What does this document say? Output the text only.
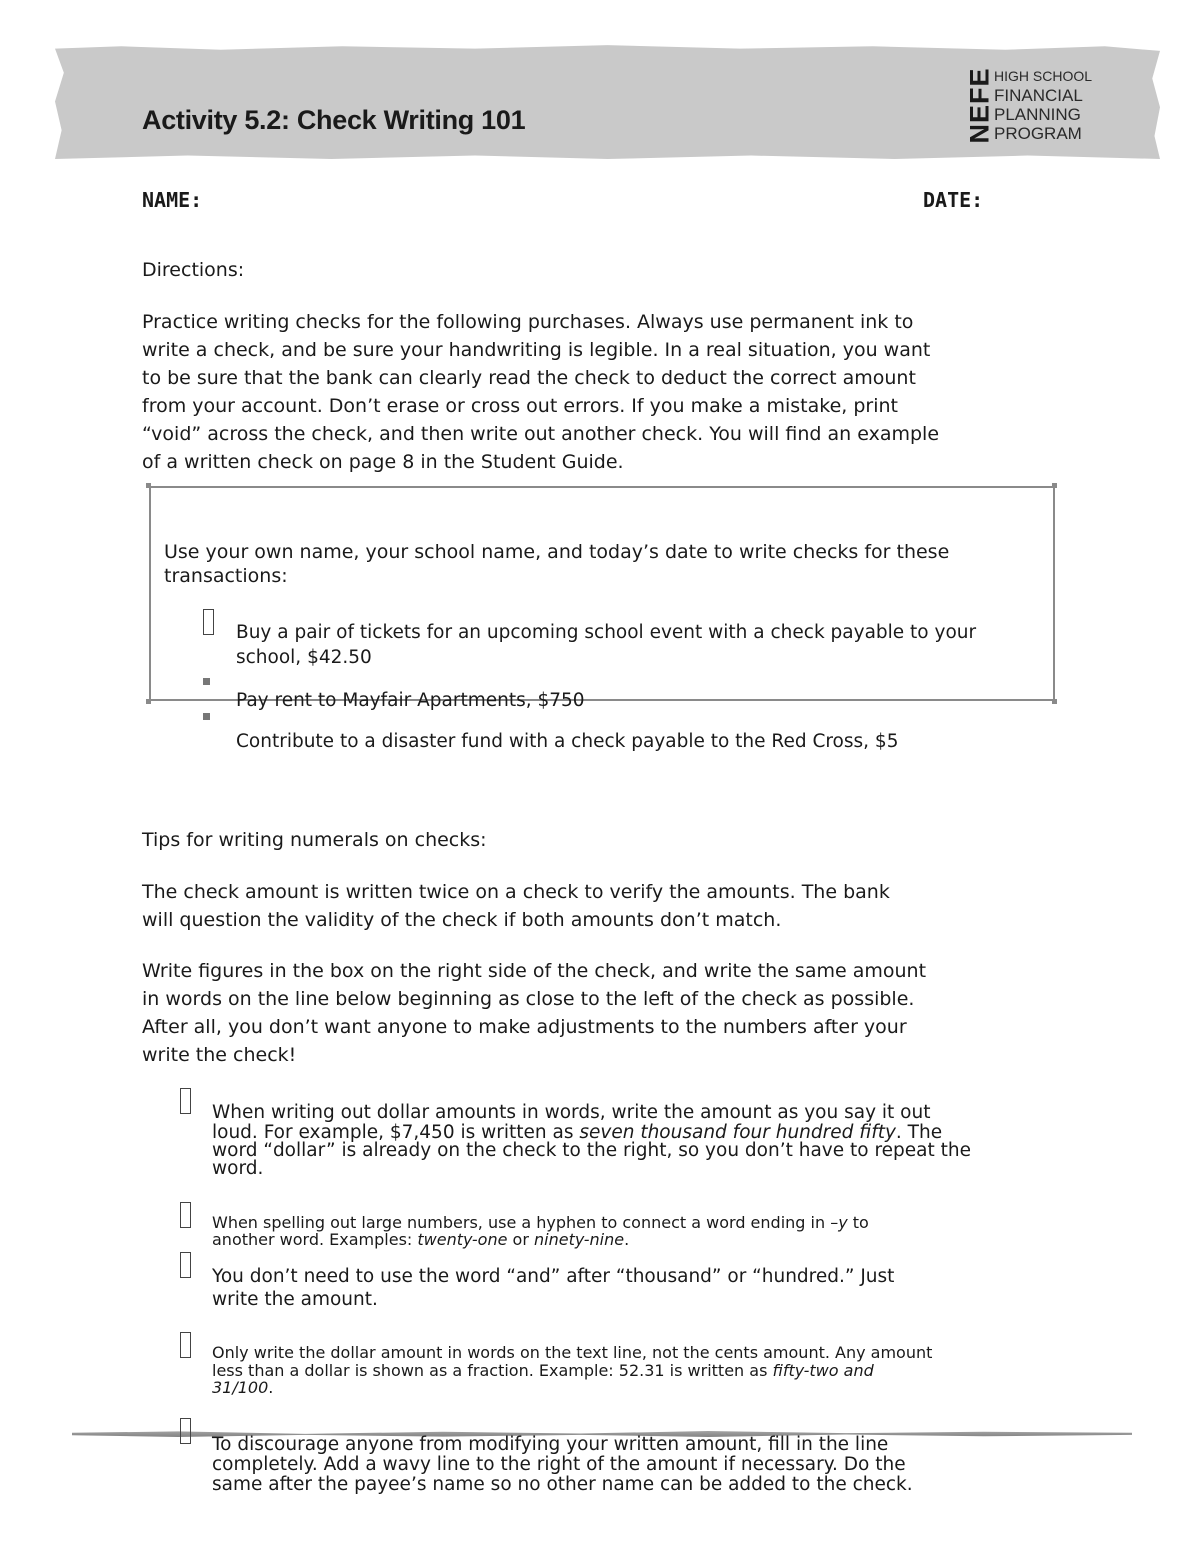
Activity 5.2: Check Writing 101	NEFE HIGH SCHOOL
FINANCIAL
PLANNING
PROGRAM

NAME:	DATE:

Directions:

Practice writing checks for the following purchases. Always use permanent ink to

write a check, and be sure your handwriting is legible. In a real situation, you want

to be sure that the bank can clearly read the check to deduct the correct amount

from your account. Don’t erase or cross out errors. If you make a mistake, print

“void” across the check, and then write out another check. You will find an example

of a written check on page 8 in the Student Guide.

Use your own name, your school name, and today’s date to write checks for these

transactions:

Buy a pair of tickets for an upcoming school event with a check payable to your

school, $42.50

Pay rent to Mayfair Apartments, $750

Contribute to a disaster fund with a check payable to the Red Cross, $5

Tips for writing numerals on checks:

The check amount is written twice on a check to verify the amounts. The bank

will question the validity of the check if both amounts don’t match.

Write figures in the box on the right side of the check, and write the same amount

in words on the line below beginning as close to the left of the check as possible.

After all, you don’t want anyone to make adjustments to the numbers after your

write the check!

When writing out dollar amounts in words, write the amount as you say it out

loud. For example, $7,450 is written as seven thousand four hundred fifty. The

word “dollar” is already on the check to the right, so you don’t have to repeat the

word.

When spelling out large numbers, use a hyphen to connect a word ending in –y to

another word. Examples: twenty-one or ninety-nine.

You don’t need to use the word “and” after “thousand” or “hundred.” Just

write the amount.

Only write the dollar amount in words on the text line, not the cents amount. Any amount

less than a dollar is shown as a fraction. Example: 52.31 is written as fifty-two and

31/100.

To discourage anyone from modifying your written amount, fill in the line

completely. Add a wavy line to the right of the amount if necessary. Do the

same after the payee’s name so no other name can be added to the check.
